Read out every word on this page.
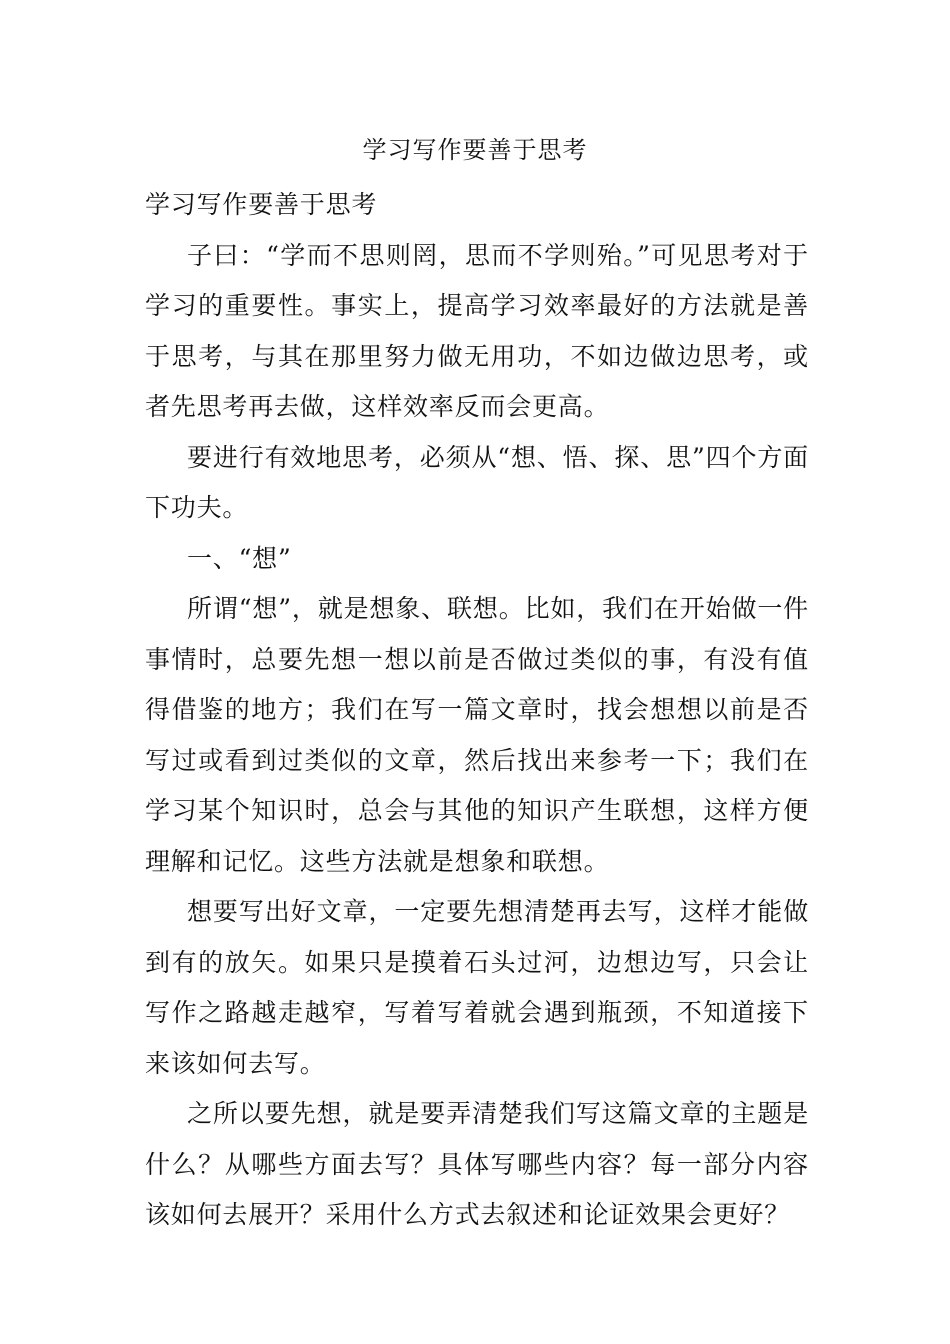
学习写作要善于思考

学习写作要善于思考

子曰：“学而不思则罔，思而不学则殆。”可见思考对于学习的重要性。事实上，提高学习效率最好的方法就是善于思考，与其在那里努力做无用功，不如边做边思考，或者先思考再去做，这样效率反而会更高。

要进行有效地思考，必须从“想、悟、探、思”四个方面下功夫。

一、“想”

所谓“想”，就是想象、联想。比如，我们在开始做一件事情时，总要先想一想以前是否做过类似的事，有没有值得借鉴的地方；我们在写一篇文章时，找会想想以前是否写过或看到过类似的文章，然后找出来参考一下；我们在学习某个知识时，总会与其他的知识产生联想，这样方便理解和记忆。这些方法就是想象和联想。

想要写出好文章，一定要先想清楚再去写，这样才能做到有的放矢。如果只是摸着石头过河，边想边写，只会让写作之路越走越窄，写着写着就会遇到瓶颈，不知道接下来该如何去写。

之所以要先想，就是要弄清楚我们写这篇文章的主题是什么？从哪些方面去写？具体写哪些内容？每一部分内容该如何去展开？采用什么方式去叙述和论证效果会更好？
